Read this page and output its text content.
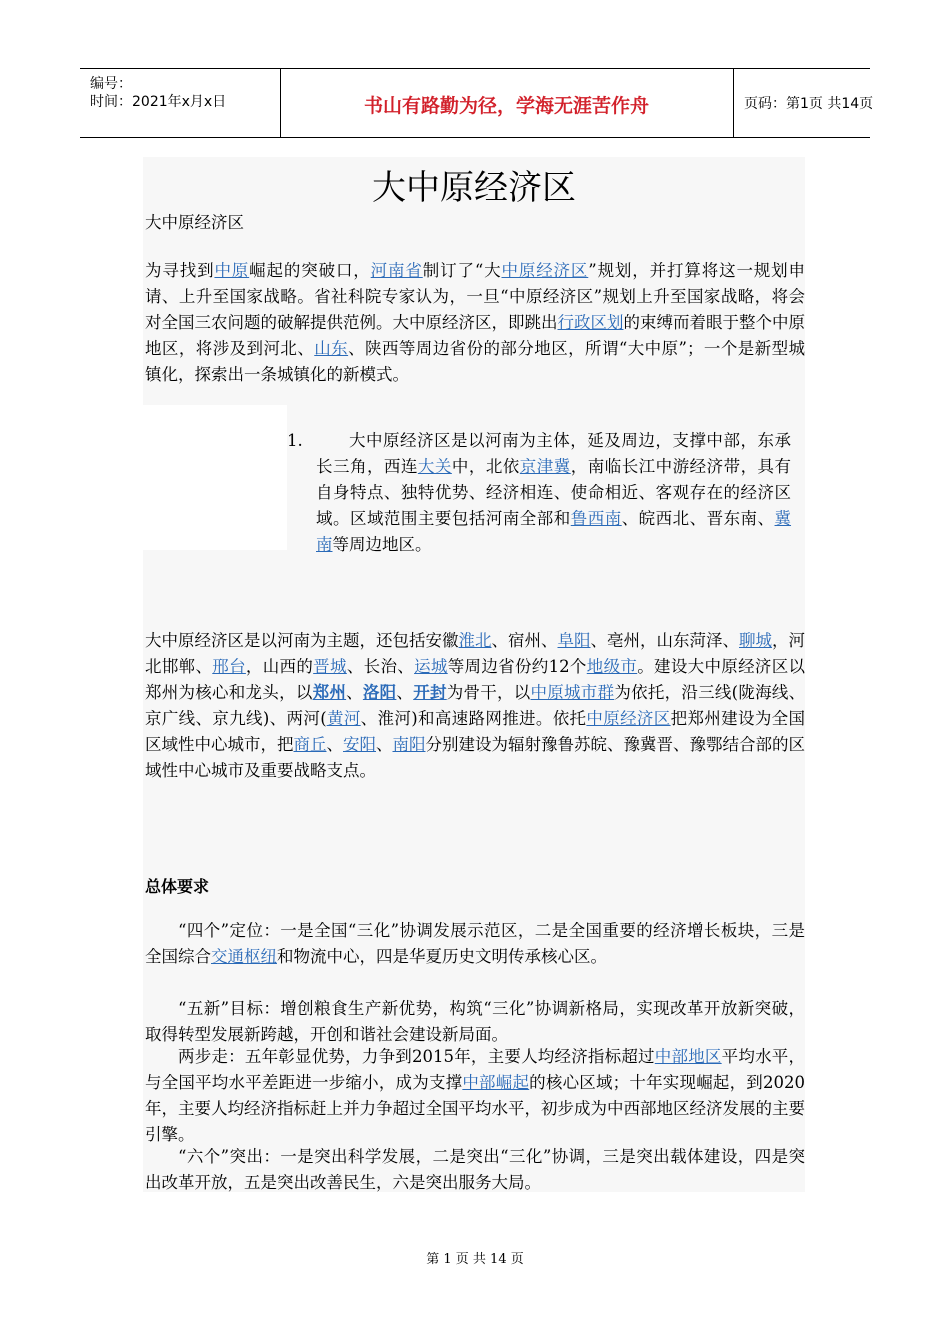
编号：
时间：2021年x月x日	书山有路勤为径，学海无涯苦作舟	页码：第1页 共14页
大中原经济区
大中原经济区
为寻找到中原崛起的突破口，河南省制订了“大中原经济区”规划，并打算将这一规划申请、上升至国家战略。省社科院专家认为，一旦“中原经济区”规划上升至国家战略，将会对全国三农问题的破解提供范例。大中原经济区，即跳出行政区划的束缚而着眼于整个中原地区，将涉及到河北、山东、陕西等周边省份的部分地区，所谓“大中原”；一个是新型城镇化，探索出一条城镇化的新模式。
1.	大中原经济区是以河南为主体，延及周边，支撑中部，东承长三角，西连大关中，北依京津冀，南临长江中游经济带，具有自身特点、独特优势、经济相连、使命相近、客观存在的经济区域。区域范围主要包括河南全部和鲁西南、皖西北、晋东南、冀南等周边地区。
大中原经济区是以河南为主题，还包括安徽淮北、宿州、阜阳、亳州，山东菏泽、聊城，河北邯郸、邢台，山西的晋城、长治、运城等周边省份约12个地级市。建设大中原经济区以郑州为核心和龙头，以郑州、洛阳、开封为骨干，以中原城市群为依托，沿三线(陇海线、京广线、京九线)、两河(黄河、淮河)和高速路网推进。依托中原经济区把郑州建设为全国区域性中心城市，把商丘、安阳、南阳分别建设为辐射豫鲁苏皖、豫冀晋、豫鄂结合部的区域性中心城市及重要战略支点。
总体要求
“四个”定位：一是全国“三化”协调发展示范区，二是全国重要的经济增长板块，三是全国综合交通枢纽和物流中心，四是华夏历史文明传承核心区。
“五新”目标：增创粮食生产新优势，构筑“三化”协调新格局，实现改革开放新突破，取得转型发展新跨越，开创和谐社会建设新局面。
两步走：五年彰显优势，力争到2015年，主要人均经济指标超过中部地区平均水平，与全国平均水平差距进一步缩小，成为支撑中部崛起的核心区域；十年实现崛起，到2020年，主要人均经济指标赶上并力争超过全国平均水平，初步成为中西部地区经济发展的主要引擎。
“六个”突出：一是突出科学发展，二是突出“三化”协调，三是突出载体建设，四是突出改革开放，五是突出改善民生，六是突出服务大局。
第 1 页 共 14 页
